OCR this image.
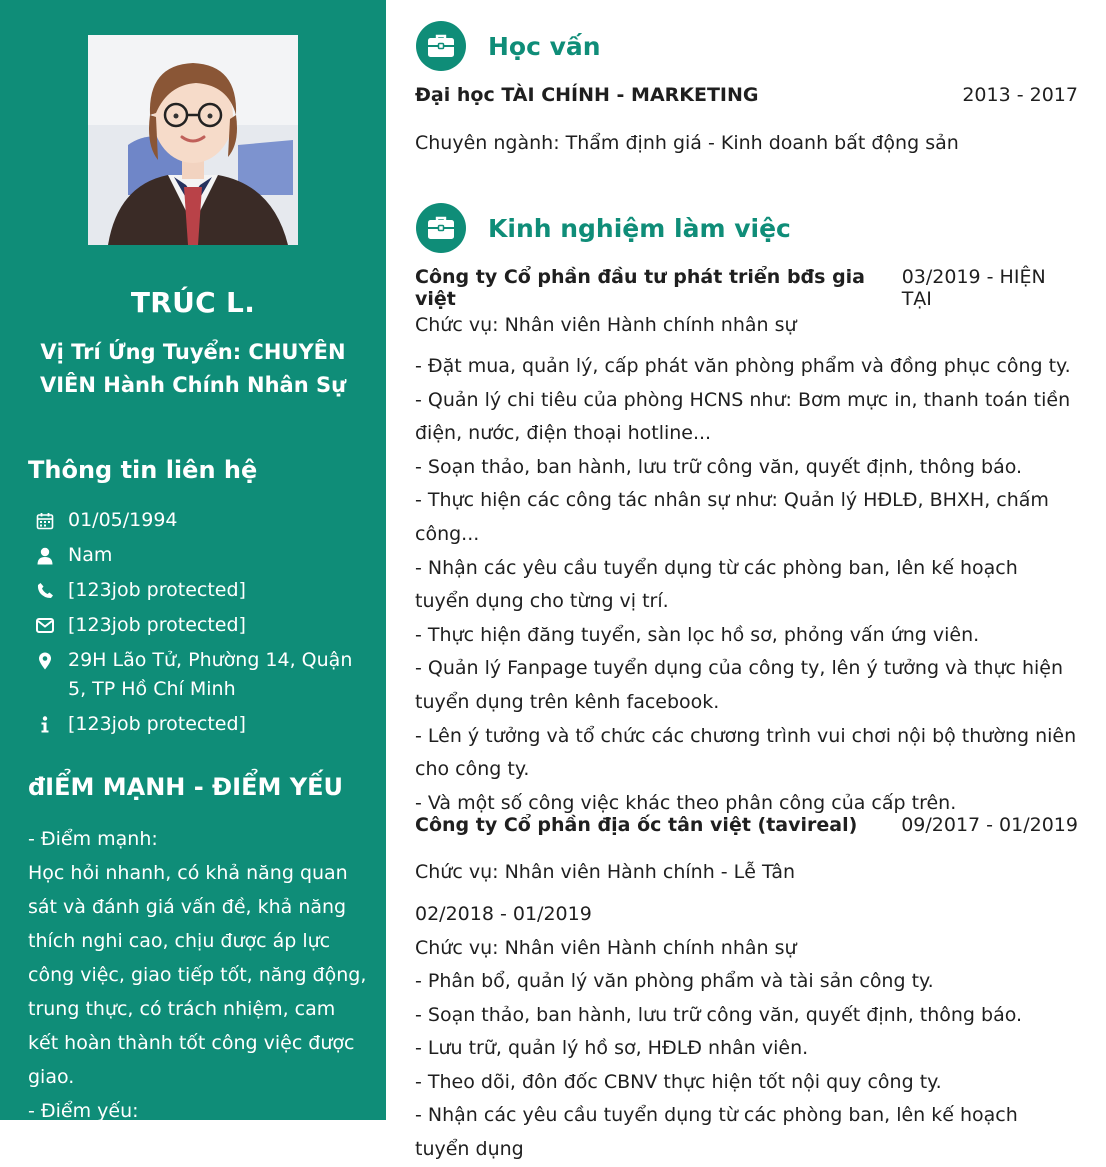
TRÚC L.
Vị Trí Ứng Tuyển: CHUYÊN VIÊN Hành Chính Nhân Sự
Thông tin liên hệ
01/05/1994
Nam
[123job protected]
[123job protected]
29H Lão Tử, Phường 14, Quận 5, TP Hồ Chí Minh
[123job protected]
đIỂM MẠNH - ĐIỂM YẾU

- Điểm mạnh:

Học hỏi nhanh, có khả năng quan sát và đánh giá vấn đề, khả năng thích nghi cao, chịu được áp lực công việc, giao tiếp tốt, năng động, trung thực, có trách nhiệm, cam kết hoàn thành tốt công việc được giao.

- Điểm yếu:

Là người cầu toàn và hay ôm đồm

Học vấn
Đại học TÀI CHÍNH - MARKETING	2013 - 2017
Chuyên ngành: Thẩm định giá - Kinh doanh bất động sản
Kinh nghiệm làm việc
Công ty Cổ phần đầu tư phát triển bđs gia việt
03/2019 - HIỆN TẠI
Chức vụ: Nhân viên Hành chính nhân sự
- Đặt mua, quản lý, cấp phát văn phòng phẩm và đồng phục công ty.
- Quản lý chi tiêu của phòng HCNS như: Bơm mực in, thanh toán tiền điện, nước, điện thoại hotline...
- Soạn thảo, ban hành, lưu trữ công văn, quyết định, thông báo.
- Thực hiện các công tác nhân sự như: Quản lý HĐLĐ, BHXH, chấm công...
- Nhận các yêu cầu tuyển dụng từ các phòng ban, lên kế hoạch tuyển dụng cho từng vị trí.
- Thực hiện đăng tuyển, sàn lọc hồ sơ, phỏng vấn ứng viên.
- Quản lý Fanpage tuyển dụng của công ty, lên ý tưởng và thực hiện tuyển dụng trên kênh facebook.
- Lên ý tưởng và tổ chức các chương trình vui chơi nội bộ thường niên cho công ty.
- Và một số công việc khác theo phân công của cấp trên.
Công ty Cổ phần địa ốc tân việt (tavireal) 09/2017 - 01/2019
Chức vụ: Nhân viên Hành chính - Lễ Tân
02/2018 - 01/2019
Chức vụ: Nhân viên Hành chính nhân sự
- Phân bổ, quản lý văn phòng phẩm và tài sản công ty.
- Soạn thảo, ban hành, lưu trữ công văn, quyết định, thông báo.
- Lưu trữ, quản lý hồ sơ, HĐLĐ nhân viên.
- Theo dõi, đôn đốc CBNV thực hiện tốt nội quy công ty.
- Nhận các yêu cầu tuyển dụng từ các phòng ban, lên kế hoạch tuyển dụng
